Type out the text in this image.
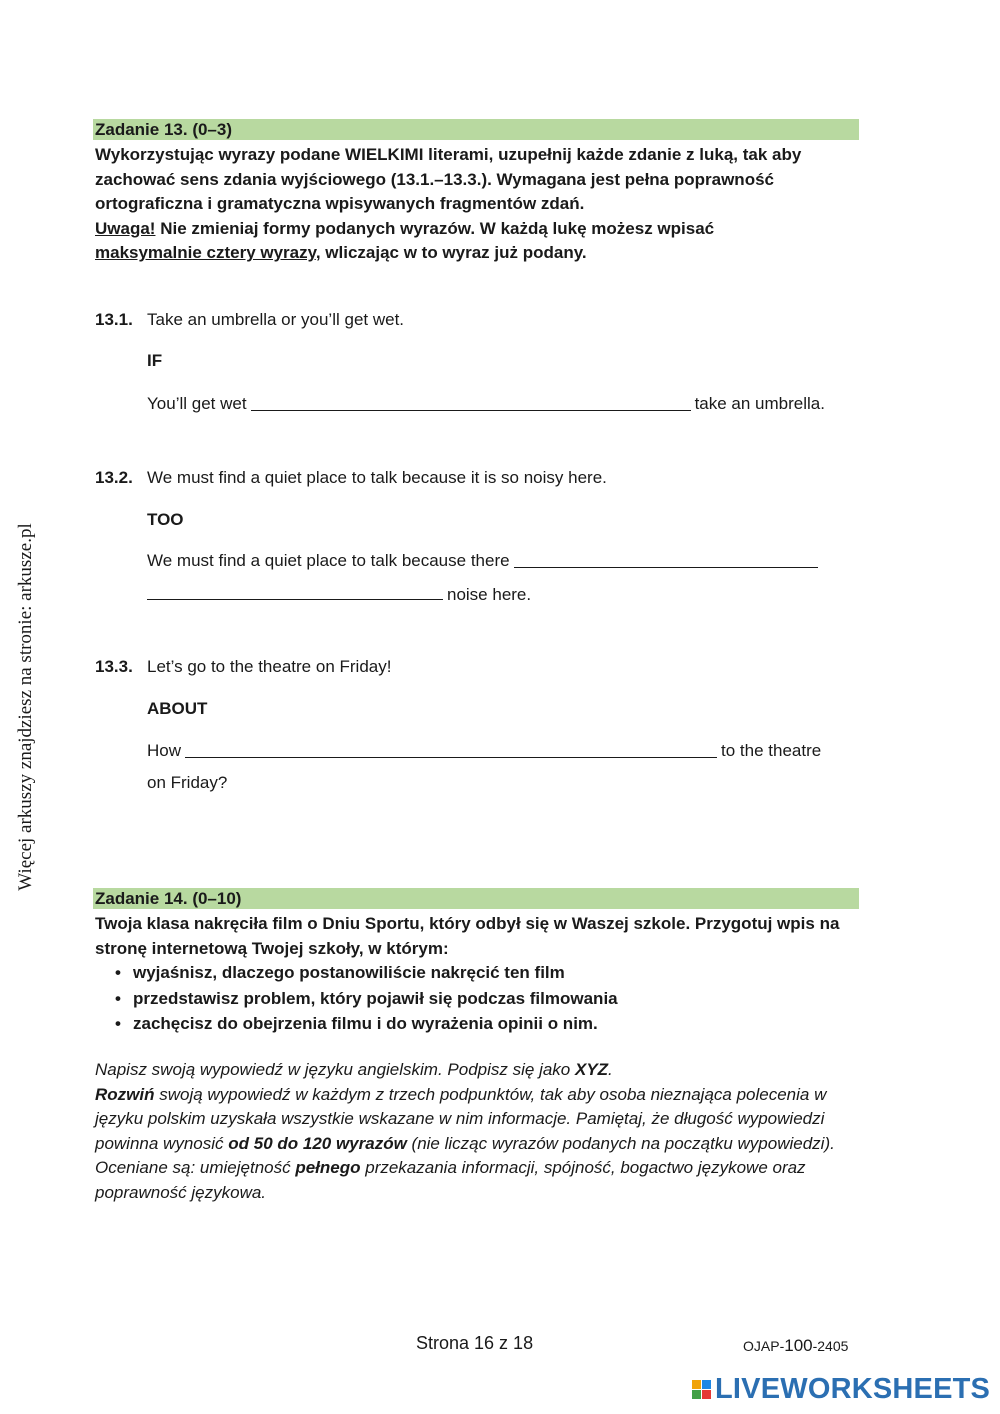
Więcej arkuszy znajdziesz na stronie: arkusze.pl
Zadanie 13. (0–3)
Wykorzystując wyrazy podane WIELKIMI literami, uzupełnij każde zdanie z luką, tak aby zachować sens zdania wyjściowego (13.1.–13.3.). Wymagana jest pełna poprawność ortograficzna i gramatyczna wpisywanych fragmentów zdań.
Uwaga! Nie zmieniaj formy podanych wyrazów. W każdą lukę możesz wpisać
maksymalnie cztery wyrazy, wliczając w to wyraz już podany.
13.1. Take an umbrella or you’ll get wet.
IF
You’ll get wet	take an umbrella.
13.2. We must find a quiet place to talk because it is so noisy here.
TOO
We must find a quiet place to talk because there
noise here.
13.3. Let’s go to the theatre on Friday!
ABOUT
How	to the theatre
on Friday?
Zadanie 14. (0–10)
Twoja klasa nakręciła film o Dniu Sportu, który odbył się w Waszej szkole. Przygotuj wpis na stronę internetową Twojej szkoły, w którym:
• wyjaśnisz, dlaczego postanowiliście nakręcić ten film
• przedstawisz problem, który pojawił się podczas filmowania
• zachęcisz do obejrzenia filmu i do wyrażenia opinii o nim.
Napisz swoją wypowiedź w języku angielskim. Podpisz się jako XYZ.
Rozwiń swoją wypowiedź w każdym z trzech podpunktów, tak aby osoba nieznająca polecenia w języku polskim uzyskała wszystkie wskazane w nim informacje. Pamiętaj, że długość wypowiedzi powinna wynosić od 50 do 120 wyrazów (nie licząc wyrazów podanych na początku wypowiedzi). Oceniane są: umiejętność pełnego przekazania informacji, spójność, bogactwo językowe oraz poprawność językowa.
Strona 16 z 18	OJAP-100-2405
LIVEWORKSHEETS
